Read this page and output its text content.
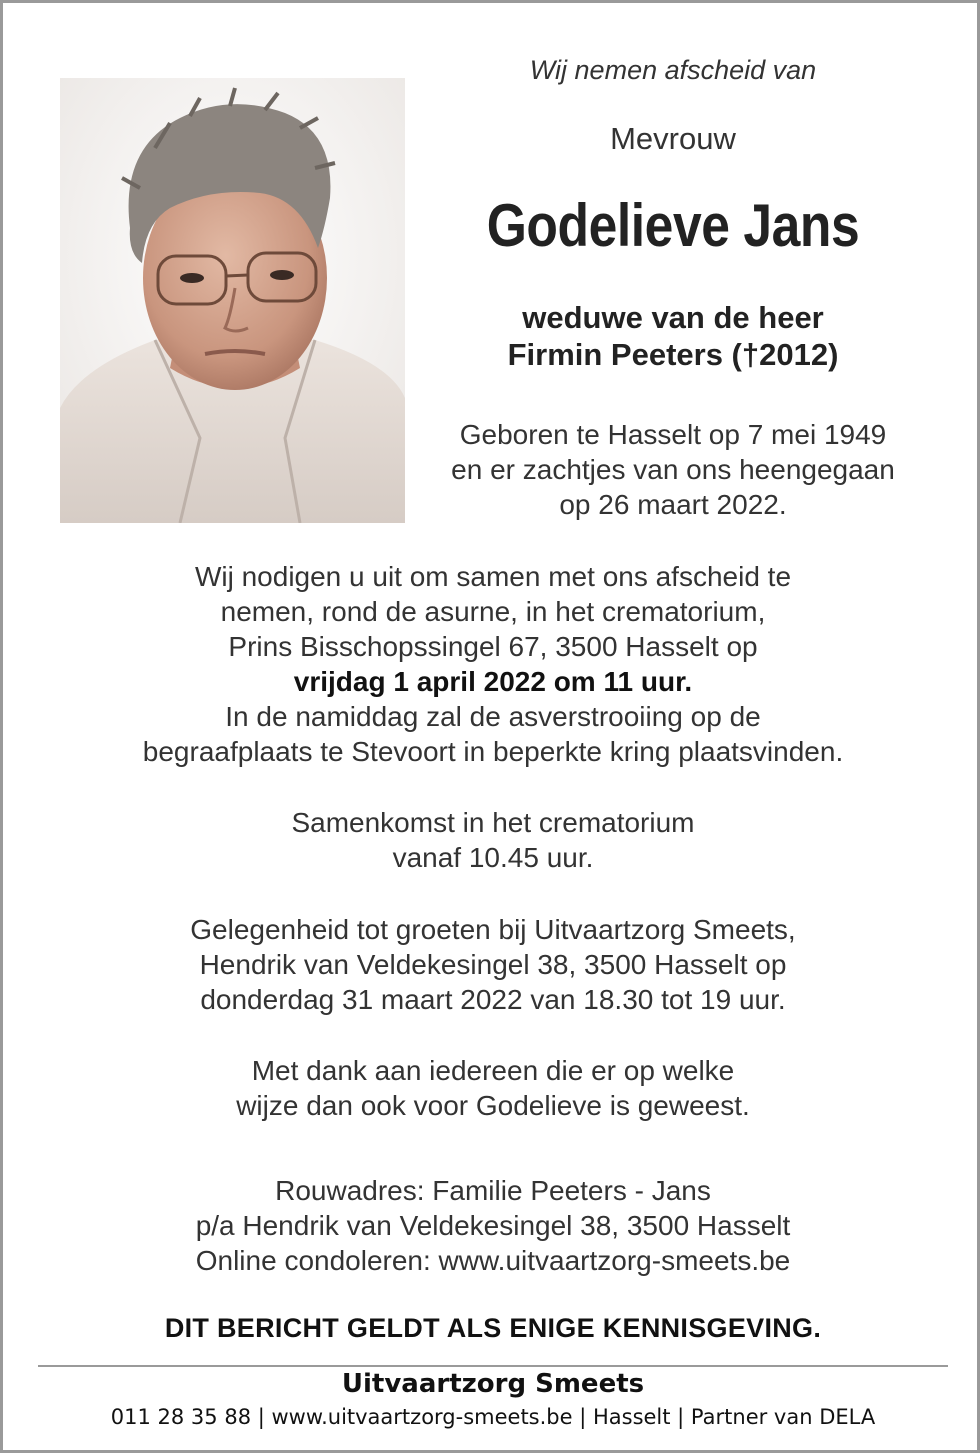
Wij nemen afscheid van
Mevrouw
Godelieve Jans
weduwe van de heer
Firmin Peeters (†2012)
Geboren te Hasselt op 7 mei 1949
en er zachtjes van ons heengegaan
op 26 maart 2022.
Wij nodigen u uit om samen met ons afscheid te
nemen, rond de asurne, in het crematorium,
Prins Bisschopssingel 67, 3500 Hasselt op
vrijdag 1 april 2022 om 11 uur.
In de namiddag zal de asverstrooiing op de
begraafplaats te Stevoort in beperkte kring plaatsvinden.
Samenkomst in het crematorium
vanaf 10.45 uur.
Gelegenheid tot groeten bij Uitvaartzorg Smeets,
Hendrik van Veldekesingel 38, 3500 Hasselt op
donderdag 31 maart 2022 van 18.30 tot 19 uur.
Met dank aan iedereen die er op welke
wijze dan ook voor Godelieve is geweest.
Rouwadres: Familie Peeters - Jans
p/a Hendrik van Veldekesingel 38, 3500 Hasselt
Online condoleren: www.uitvaartzorg-smeets.be
DIT BERICHT GELDT ALS ENIGE KENNISGEVING.
Uitvaartzorg Smeets
011 28 35 88 | www.uitvaartzorg-smeets.be | Hasselt | Partner van DELA
